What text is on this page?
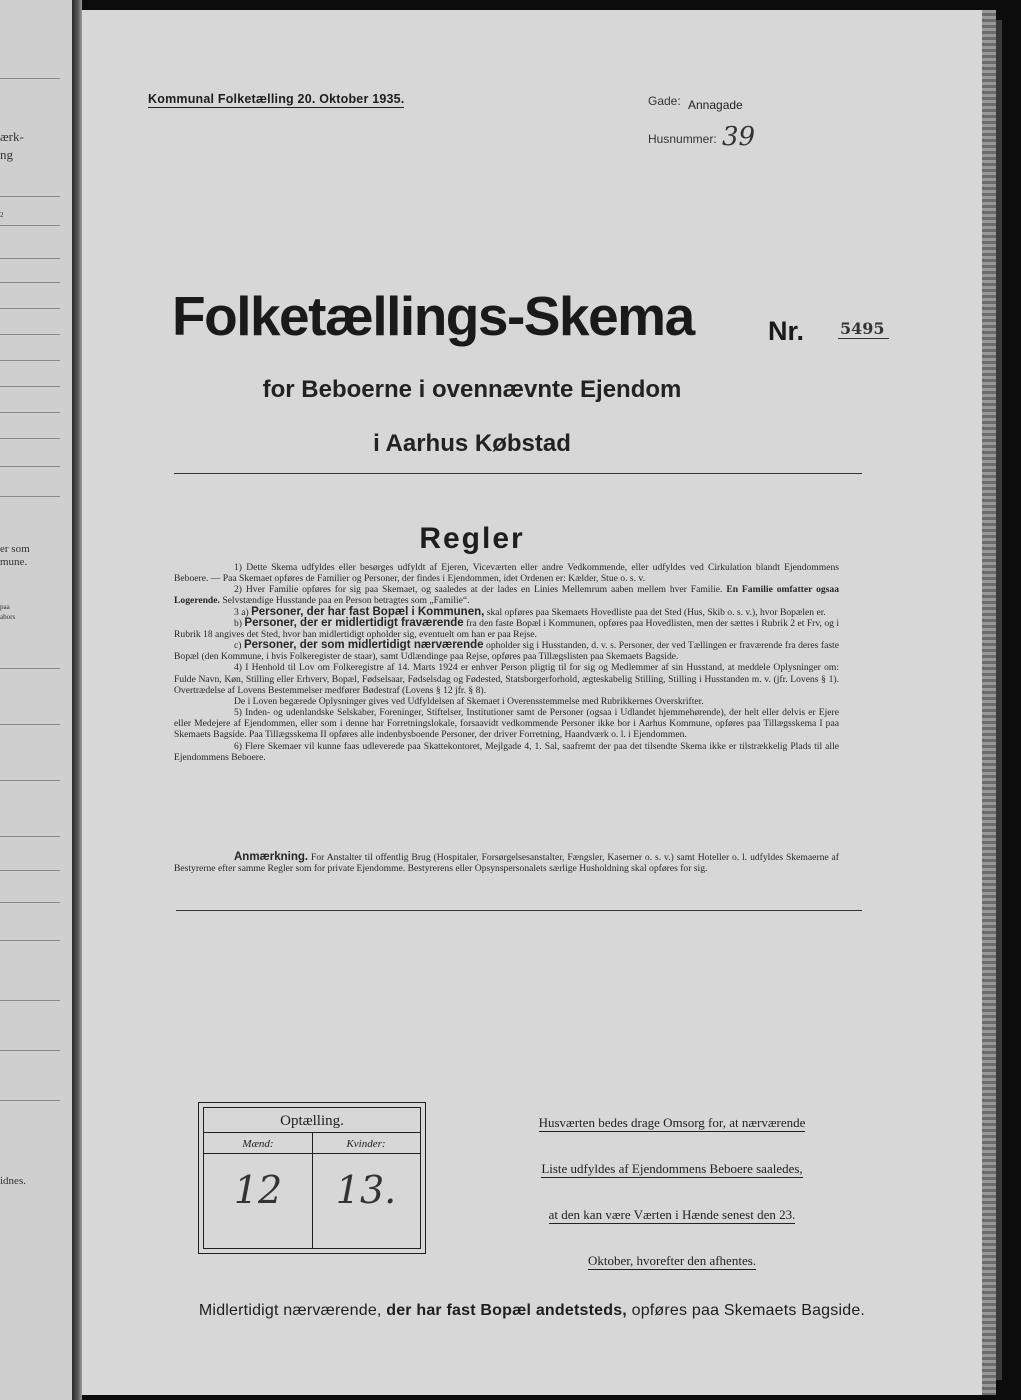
ærk-
ng
2
er som
mune.
paa
abors
idnes.
Kommunal Folketælling 20. Oktober 1935.	Gade: Annagade
Husnummer: 39
Folketællings-Skema	Nr. 5495
for Beboerne i ovennævnte Ejendom
i Aarhus Købstad
Regler

1) Dette Skema udfyldes eller besørges udfyldt af Ejeren, Viceværten eller andre Vedkommende, eller udfyldes ved Cirkulation blandt Ejendommens Beboere. — Paa Skemaet opføres de Familier og Personer, der findes i Ejendommen, idet Ordenen er: Kælder, Stue o. s. v.

2) Hver Familie opføres for sig paa Skemaet, og saaledes at der lades en Linies Mellemrum aaben mellem hver Familie. En Familie omfatter ogsaa Logerende. Selvstændige Husstande paa en Person betragtes som „Familie“.

3 a) Personer, der har fast Bopæl i Kommunen, skal opføres paa Skemaets Hovedliste paa det Sted (Hus, Skib o. s. v.), hvor Bopælen er.

b) Personer, der er midlertidigt fraværende fra den faste Bopæl i Kommunen, opføres paa Hovedlisten, men der sættes i Rubrik 2 et Frv, og i Rubrik 18 angives det Sted, hvor han midlertidigt opholder sig, eventuelt om han er paa Rejse.

c) Personer, der som midlertidigt nærværende opholder sig i Husstanden, d. v. s. Personer, der ved Tællingen er fraværende fra deres faste Bopæl (den Kommune, i hvis Folkeregister de staar), samt Udlændinge paa Rejse, opføres paa Tillægslisten paa Skemaets Bagside.

4) I Henhold til Lov om Folkeregistre af 14. Marts 1924 er enhver Person pligtig til for sig og Medlemmer af sin Husstand, at meddele Oplysninger om: Fulde Navn, Køn, Stilling eller Erhverv, Bopæl, Fødselsaar, Fødselsdag og Fødested, Statsborgerforhold, ægteskabelig Stilling, Stilling i Husstanden m. v. (jfr. Lovens § 1). Overtrædelse af Lovens Bestemmelser medfører Bødestraf (Lovens § 12 jfr. § 8).

De i Loven begærede Oplysninger gives ved Udfyldelsen af Skemaet i Overensstemmelse med Rubrikkernes Overskrifter.

5) Inden- og udenlandske Selskaber, Foreninger, Stiftelser, Institutioner samt de Personer (ogsaa i Udlandet hjemmehørende), der helt eller delvis er Ejere eller Medejere af Ejendommen, eller som i denne har Forretningslokale, forsaavidt vedkommende Personer ikke bor i Aarhus Kommune, opføres paa Tillægsskema I paa Skemaets Bagside. Paa Tillægsskema II opføres alle indenbysboende Personer, der driver Forretning, Haandværk o. l. i Ejendommen.

6) Flere Skemaer vil kunne faas udleverede paa Skattekontoret, Mejlgade 4, 1. Sal, saafremt der paa det tilsendte Skema ikke er tilstrækkelig Plads til alle Ejendommens Beboere.

Anmærkning. For Anstalter til offentlig Brug (Hospitaler, Forsørgelsesanstalter, Fængsler, Kaserner o. s. v.) samt Hoteller o. l. udfyldes Skemaerne af Bestyrerne efter samme Regler som for private Ejendomme. Bestyrerens eller Opsynspersonalets særlige Husholdning skal opføres for sig.
Optælling.
Mænd:
12
Kvinder:
13.
Husværten bedes drage Omsorg for, at nærværende
Liste udfyldes af Ejendommens Beboere saaledes,
at den kan være Værten i Hænde senest den 23.
Oktober, hvorefter den afhentes.
Midlertidigt nærværende, der har fast Bopæl andetsteds, opføres paa Skemaets Bagside.
